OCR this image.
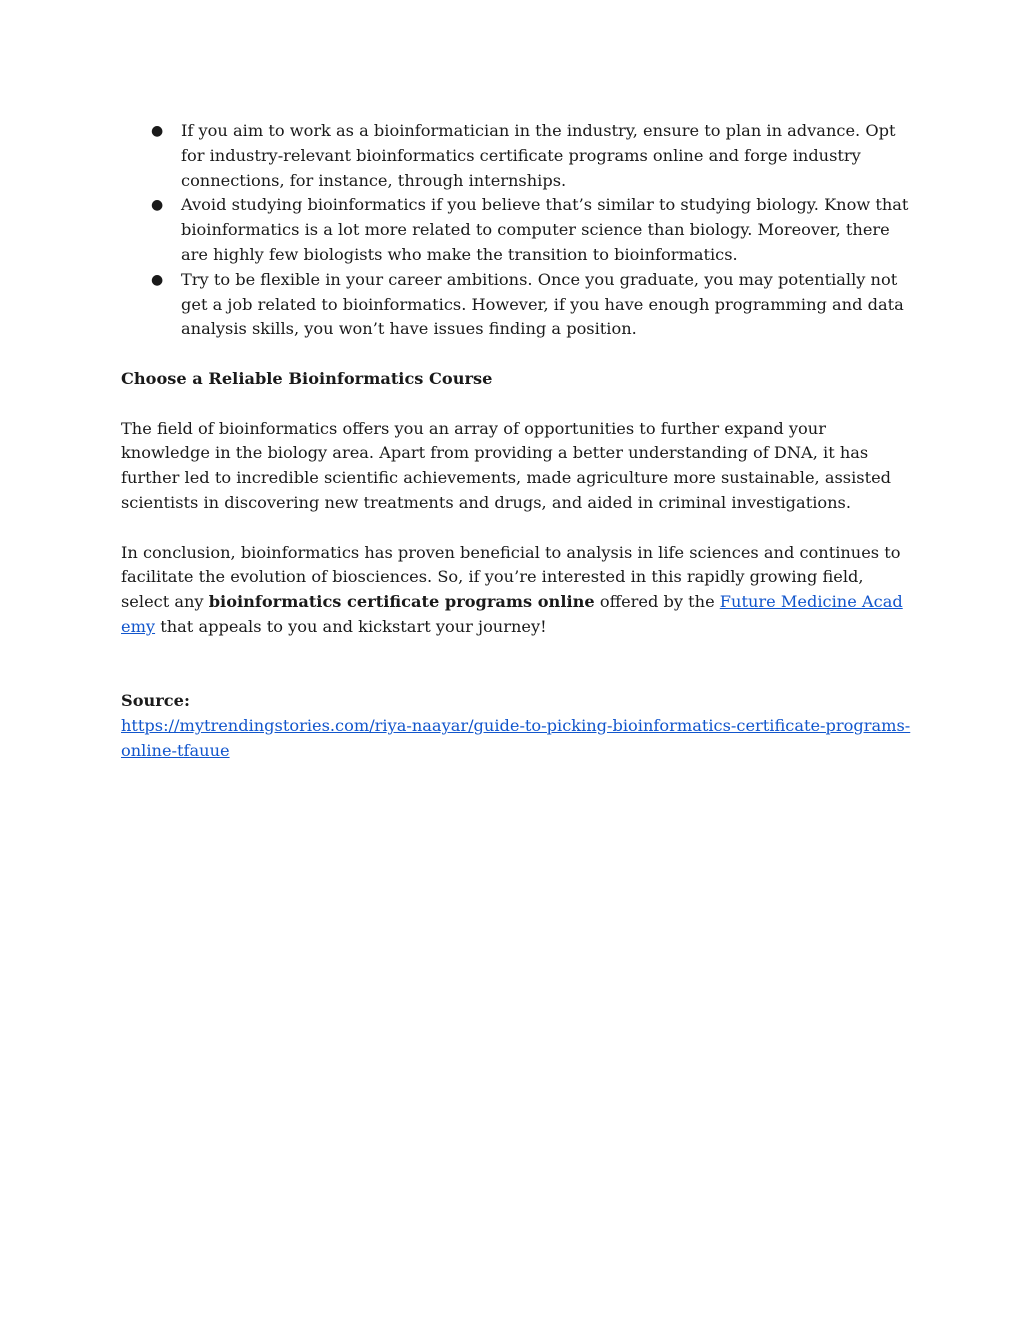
● If you aim to work as a bioinformatician in the industry, ensure to plan in advance. Opt for industry-relevant bioinformatics certificate programs online and forge industry connections, for instance, through internships.
● Avoid studying bioinformatics if you believe that’s similar to studying biology. Know that bioinformatics is a lot more related to computer science than biology. Moreover, there are highly few biologists who make the transition to bioinformatics.
● Try to be flexible in your career ambitions. Once you graduate, you may potentially not get a job related to bioinformatics. However, if you have enough programming and data analysis skills, you won’t have issues finding a position.

Choose a Reliable Bioinformatics Course

The field of bioinformatics offers you an array of opportunities to further expand your knowledge in the biology area. Apart from providing a better understanding of DNA, it has further led to incredible scientific achievements, made agriculture more sustainable, assisted scientists in discovering new treatments and drugs, and aided in criminal investigations.

In conclusion, bioinformatics has proven beneficial to analysis in life sciences and continues to facilitate the evolution of biosciences. So, if you’re interested in this rapidly growing field, select any bioinformatics certificate programs online offered by the Future Medicine Academy that appeals to you and kickstart your journey!

Source:

https://mytrendingstories.com/riya-naayar/guide-to-picking-bioinformatics-certificate-programs-online-tfauue
